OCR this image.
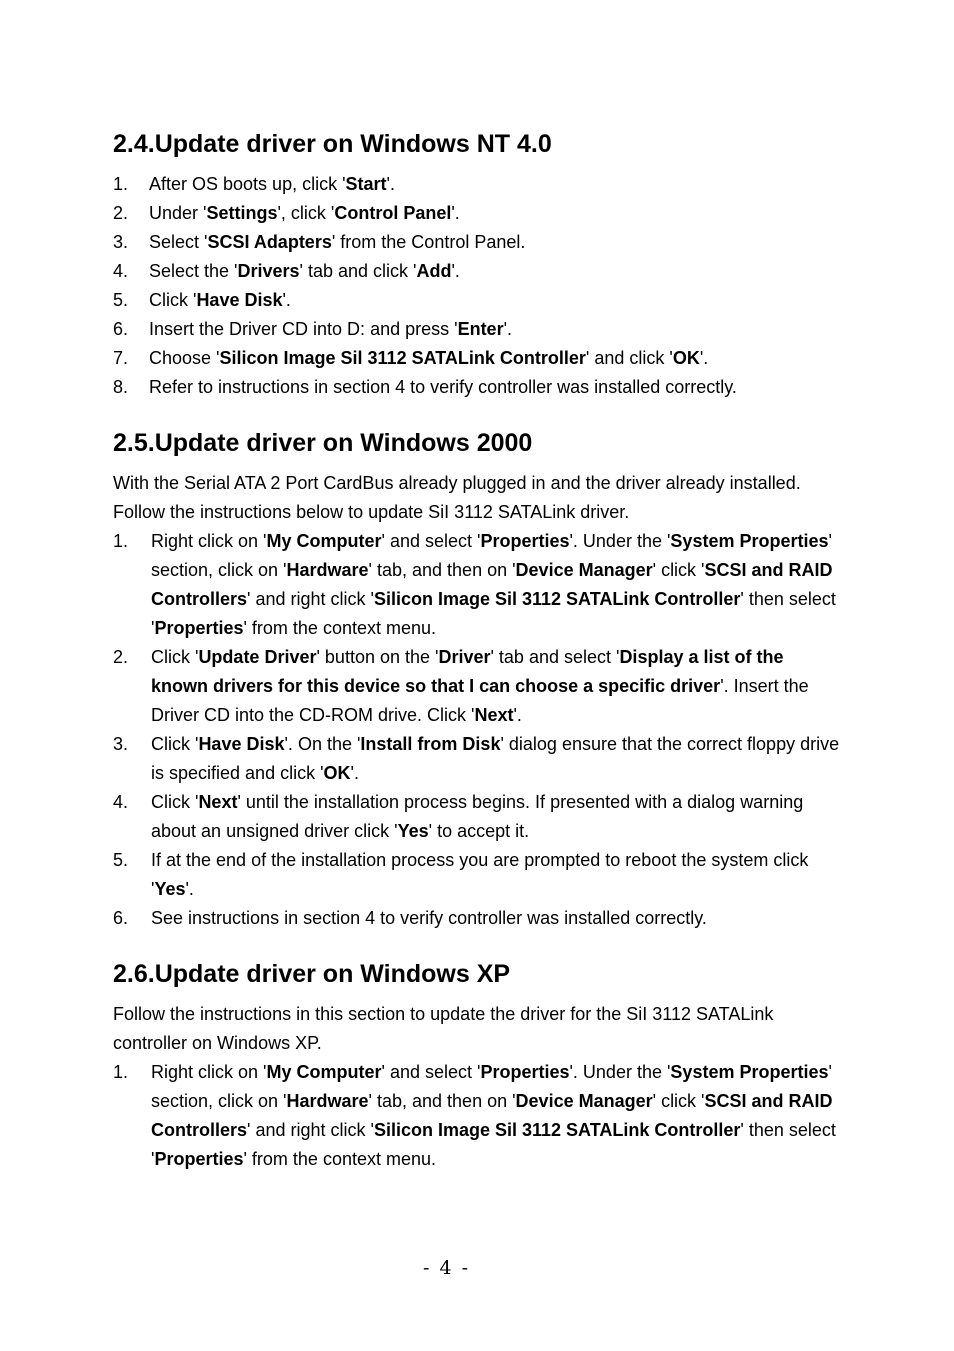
2.4.Update driver on Windows NT 4.0
1. After OS boots up, click 'Start'.
2. Under 'Settings', click 'Control Panel'.
3. Select 'SCSI Adapters' from the Control Panel.
4. Select the 'Drivers' tab and click 'Add'.
5. Click 'Have Disk'.
6. Insert the Driver CD into D: and press 'Enter'.
7. Choose 'Silicon Image Sil 3112 SATALink Controller' and click 'OK'.
8. Refer to instructions in section 4 to verify controller was installed correctly.
2.5.Update driver on Windows 2000

With the Serial ATA 2 Port CardBus already plugged in and the driver already installed. Follow the instructions below to update SiI 3112 SATALink driver.

1. Right click on 'My Computer' and select 'Properties'. Under the 'System Properties' section, click on 'Hardware' tab, and then on 'Device Manager' click 'SCSI and RAID Controllers' and right click 'Silicon Image Sil 3112 SATALink Controller' then select 'Properties' from the context menu.
2. Click 'Update Driver' button on the 'Driver' tab and select 'Display a list of the known drivers for this device so that I can choose a specific driver'. Insert the Driver CD into the CD-ROM drive. Click 'Next'.
3. Click 'Have Disk'. On the 'Install from Disk' dialog ensure that the correct floppy drive is specified and click 'OK'.
4. Click 'Next' until the installation process begins. If presented with a dialog warning about an unsigned driver click 'Yes' to accept it.
5. If at the end of the installation process you are prompted to reboot the system click 'Yes'.
6. See instructions in section 4 to verify controller was installed correctly.
2.6.Update driver on Windows XP

Follow the instructions in this section to update the driver for the SiI 3112 SATALink controller on Windows XP.

1. Right click on 'My Computer' and select 'Properties'. Under the 'System Properties' section, click on 'Hardware' tab, and then on 'Device Manager' click 'SCSI and RAID Controllers' and right click 'Silicon Image Sil 3112 SATALink Controller' then select 'Properties' from the context menu.
- 4 -
